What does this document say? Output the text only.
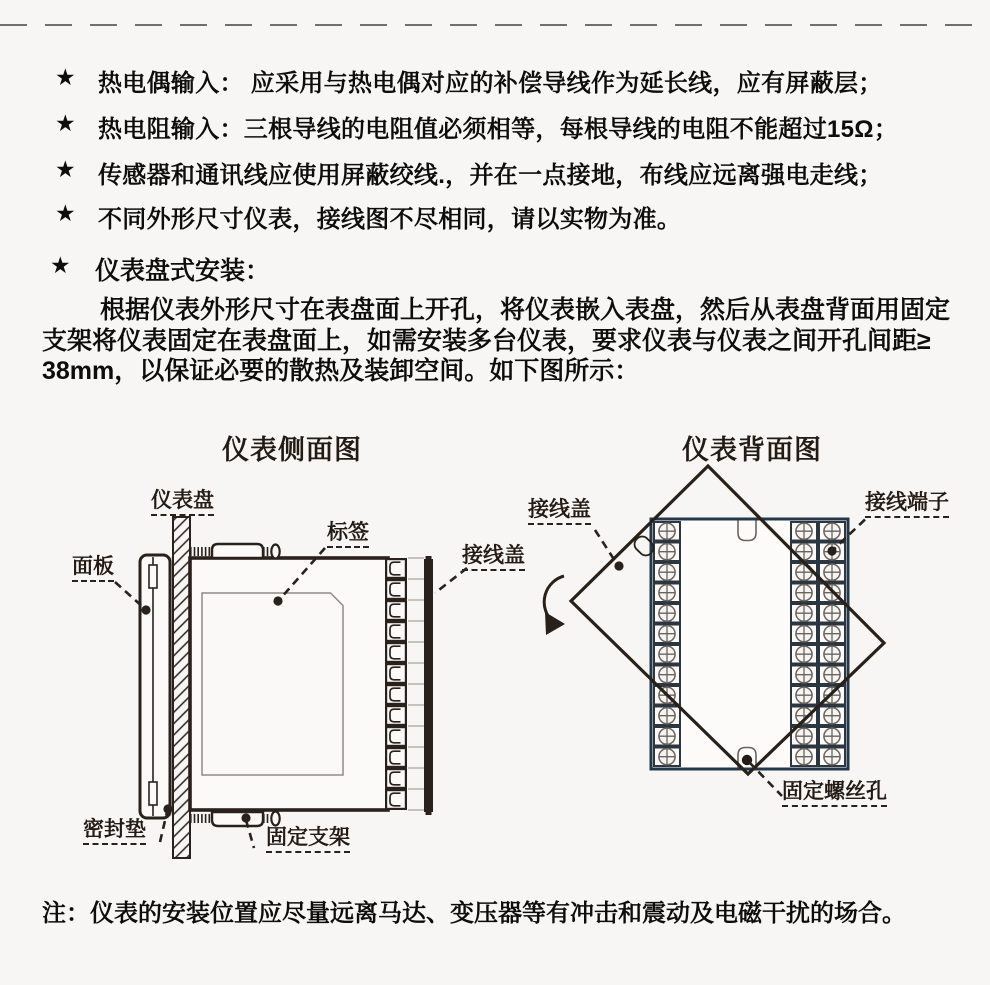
★ 热电偶输入： 应采用与热电偶对应的补偿导线作为延长线，应有屏蔽层；
★ 热电阻输入：三根导线的电阻值必须相等，每根导线的电阻不能超过15Ω；
★ 传感器和通讯线应使用屏蔽绞线.，并在一点接地，布线应远离强电走线；
★ 不同外形尺寸仪表，接线图不尽相同，请以实物为准。
★ 仪表盘式安装：
根据仪表外形尺寸在表盘面上开孔，将仪表嵌入表盘，然后从表盘背面用固定
支架将仪表固定在表盘面上，如需安装多台仪表，要求仪表与仪表之间开孔间距≥
38mm，以保证必要的散热及装卸空间。如下图所示：
仪表侧面图	仪表背面图
仪表盘
面板
标签
接线盖
密封垫	固定支架
接线盖	接线端子
固定螺丝孔
注：仪表的安装位置应尽量远离马达、变压器等有冲击和震动及电磁干扰的场合。
